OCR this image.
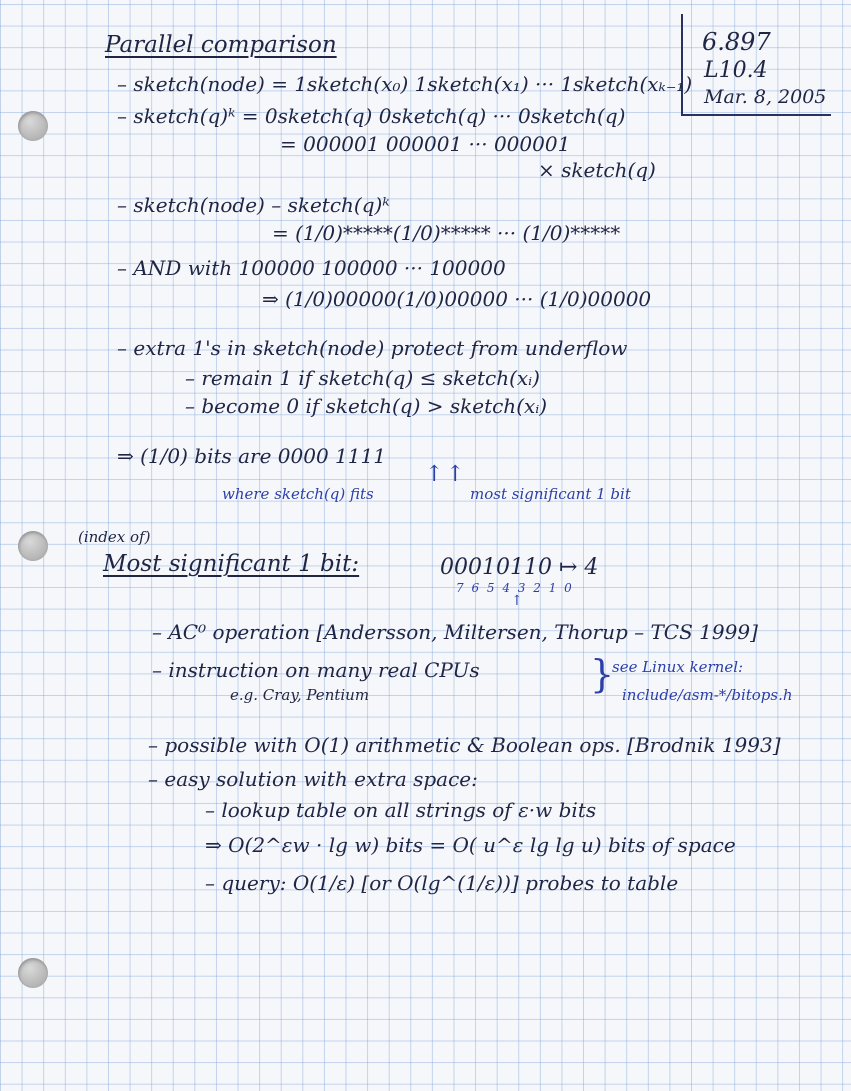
Parallel comparison	6.897
L10.4
Mar. 8, 2005
– sketch(node) = 1sketch(x₀) 1sketch(x₁) ··· 1sketch(xₖ₋₁)
– sketch(q)ᵏ = 0sketch(q) 0sketch(q) ··· 0sketch(q)
= 000001 000001 ··· 000001
× sketch(q)
– sketch(node) – sketch(q)ᵏ
= (1/0)*****(1/0)***** ··· (1/0)*****
– AND with 100000 100000 ··· 100000
⇒ (1/0)00000(1/0)00000 ··· (1/0)00000
– extra 1's in sketch(node) protect from underflow
– remain 1 if sketch(q) ≤ sketch(xᵢ)
– become 0 if sketch(q) > sketch(xᵢ)
⇒ (1/0) bits are 0000 1111
↑ ↑
where sketch(q) fits	most significant 1 bit
(index of)
Most significant 1 bit:	00010110 ↦ 4
7 6 5 4 3 2 1 0
↑
– AC⁰ operation [Andersson, Miltersen, Thorup – TCS 1999]
– instruction on many real CPUs
e.g. Cray, Pentium	}
see Linux kernel:
include/asm-*/bitops.h
– possible with O(1) arithmetic & Boolean ops. [Brodnik 1993]
– easy solution with extra space:
– lookup table on all strings of ε·w bits
⇒ O(2^εw · lg w) bits = O( u^ε lg lg u) bits of space
– query: O(1/ε) [or O(lg^(1/ε))] probes to table
